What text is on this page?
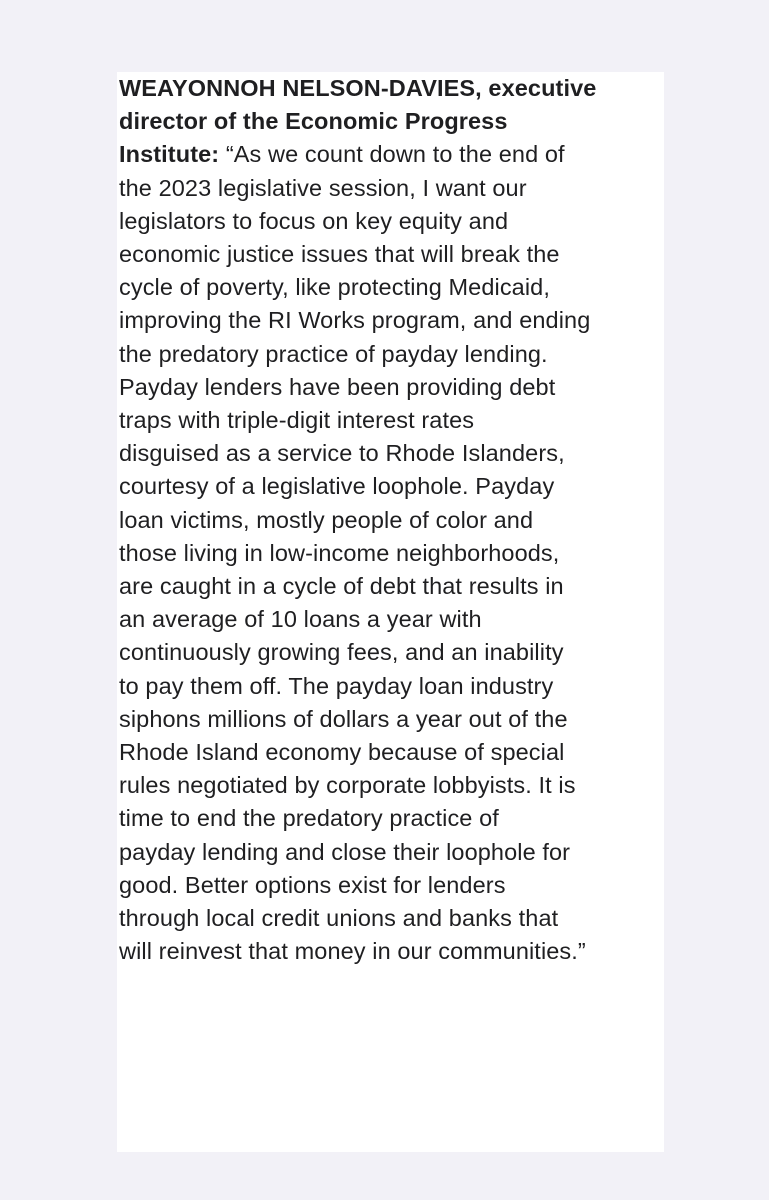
WEAYONNOH NELSON-DAVIES, executive
director of the Economic Progress
Institute: “As we count down to the end of
the 2023 legislative session, I want our
legislators to focus on key equity and
economic justice issues that will break the
cycle of poverty, like protecting Medicaid,
improving the RI Works program, and ending
the predatory practice of payday lending.
Payday lenders have been providing debt
traps with triple-digit interest rates
disguised as a service to Rhode Islanders,
courtesy of a legislative loophole. Payday
loan victims, mostly people of color and
those living in low-income neighborhoods,
are caught in a cycle of debt that results in
an average of 10 loans a year with
continuously growing fees, and an inability
to pay them off. The payday loan industry
siphons millions of dollars a year out of the
Rhode Island economy because of special
rules negotiated by corporate lobbyists. It is
time to end the predatory practice of
payday lending and close their loophole for
good. Better options exist for lenders
through local credit unions and banks that
will reinvest that money in our communities.”
